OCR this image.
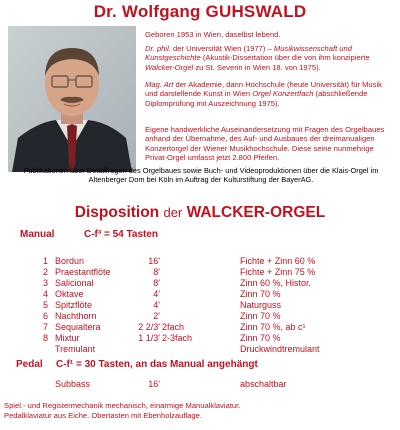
Dr. Wolfgang GUHSWALD
Geboren 1953 in Wien, daselbst lebend.
Dr. phil. der Universität Wien (1977) – Musikwissenschaft und Kunstgeschichte (Akustik-Dissertation über die von ihm konzipierte Walcker-Orgel zu St. Severin in Wien 18. von 1975).
Mag. Art der Akademie, dann Hochschule (heute Universität) für Musik und darstellende Kunst in Wien Orgel Konzertfach (abschließende Diplomprüfung mit Auszeichnung 1975).
Eigene handwerkliche Auseinandersetzung mit Fragen des Orgelbaues anhand der Übernahme, des Auf- und Ausbaues der dreimanualigen Konzertorgel der Wiener Musikhochschule. Diese seine nunmehrige Privat-Orgel umfasst jetzt 2.800 Pfeifen.
Publikationen über Detailfragen des Orgelbaues sowie Buch- und Videoproduktionen über die Klais-Orgel im Altenberger Dom bei Köln im Auftrag der Kulturstiftung der BayerAG.
Disposition der WALCKER-ORGEL
Manual	C-f³ = 54 Tasten
1 Bordun	16'	Fichte + Zinn 60 %
2 Praestantflöte	8'	Fichte + Zinn 75 %
3 Salicional	8'	Zinn 60 %, Histor.
4 Oktave	4'	Zinn 70 %
5 Spitzflöte	4'	Naturguss
6 Nachthorn	2'	Zinn 70 %
7 Sequialtera	2 2/3' 2fach	Zinn 70 %, ab c¹
8 Mixtur	1 1/3' 2-3fach	Zinn 70 %
Tremulant	Druckwindtremulant
Pedal C-f¹ = 30 Tasten, an das Manual angehängt
Subbass	16'	abschaltbar
Spiel.- und Registermechanik mechanisch, einarmige Manualklaviatur.
Pedalklaviatur aus Eiche. Obertasten mit Ebenholzauflage.
